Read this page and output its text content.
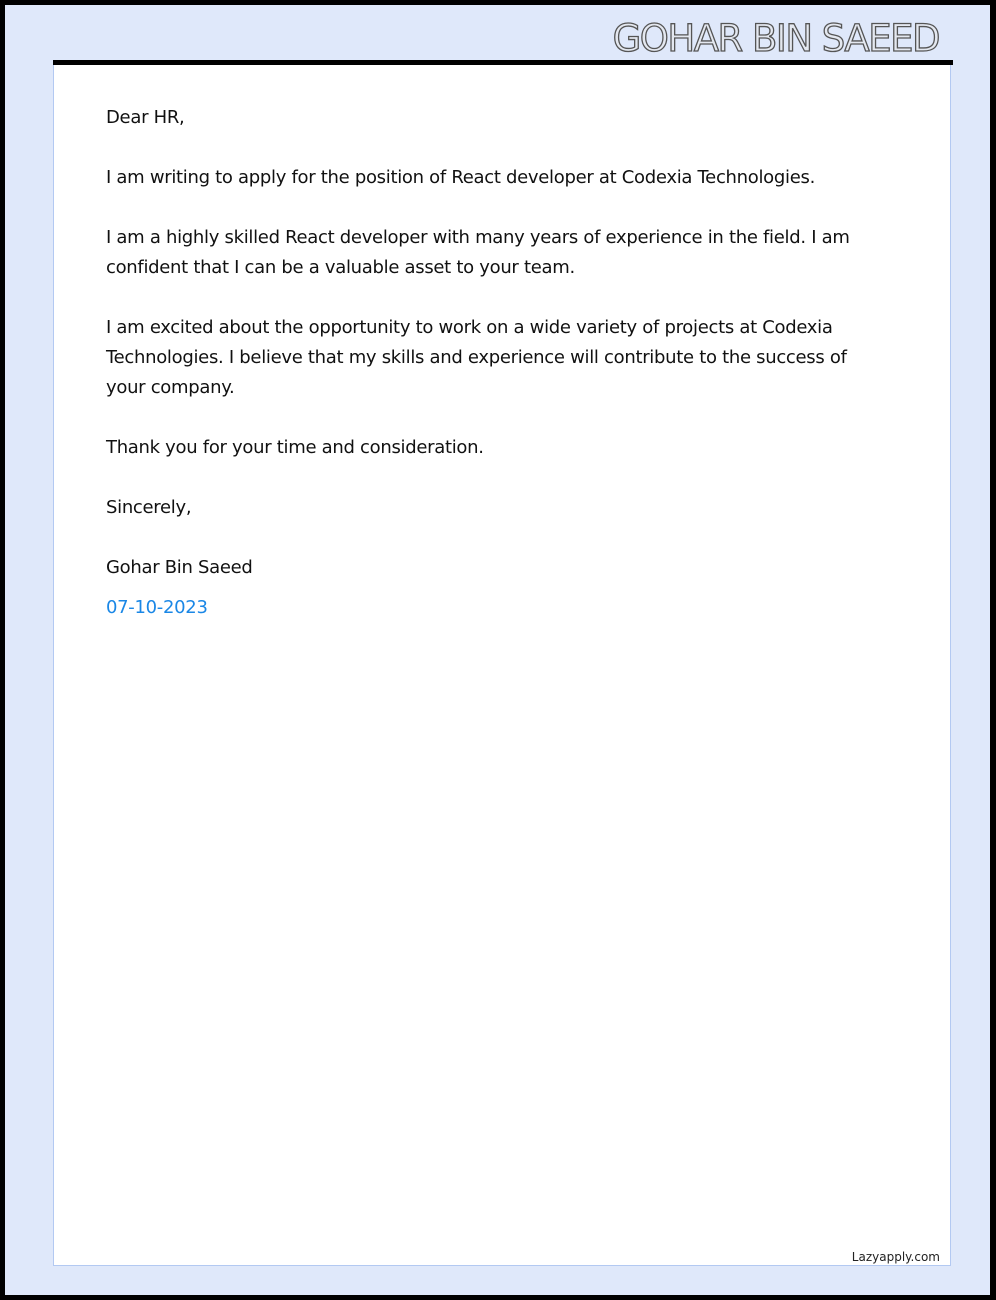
GOHAR BIN SAEED

Dear HR,

I am writing to apply for the position of React developer at Codexia Technologies.

I am a highly skilled React developer with many years of experience in the field. I am confident that I can be a valuable asset to your team.

I am excited about the opportunity to work on a wide variety of projects at Codexia Technologies. I believe that my skills and experience will contribute to the success of your company.

Thank you for your time and consideration.

Sincerely,

Gohar Bin Saeed

07-10-2023

Lazyapply.com
